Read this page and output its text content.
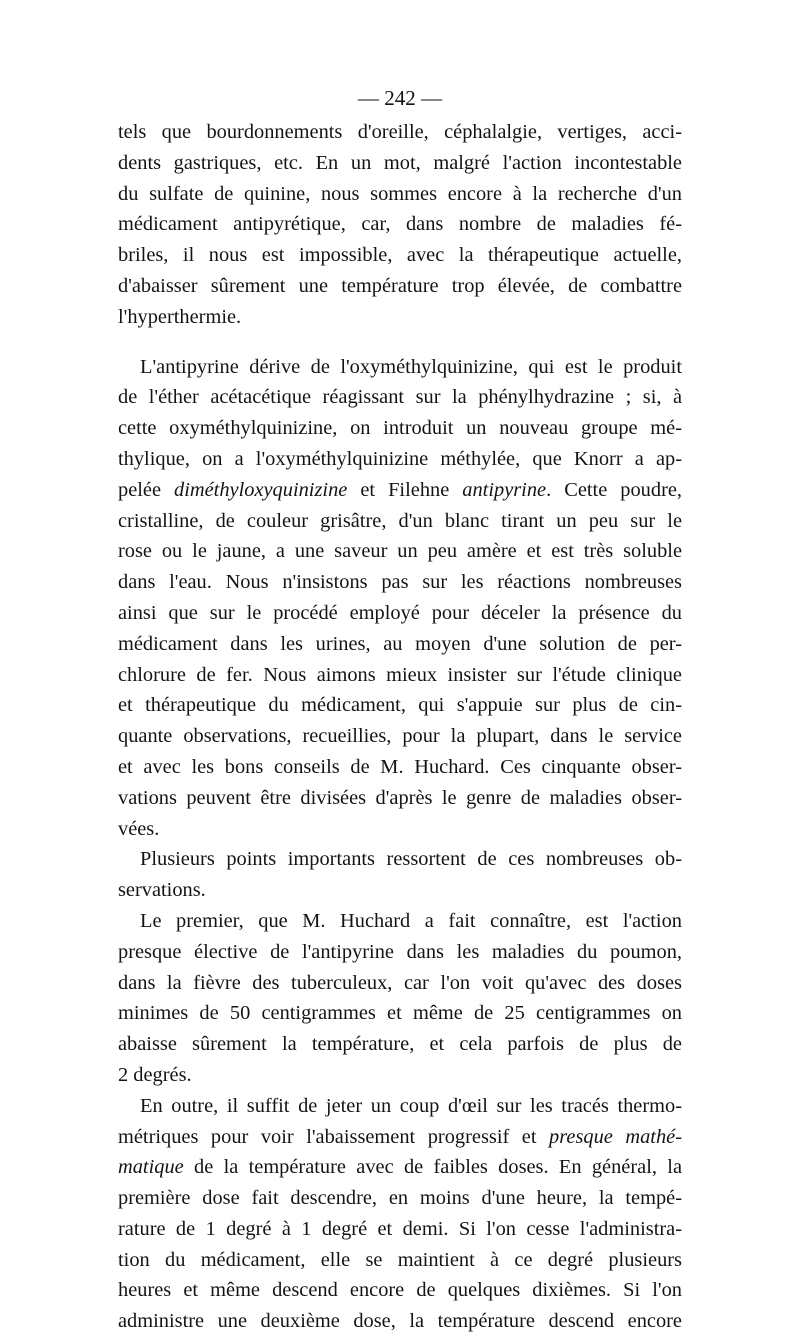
— 242 —

tels que bourdonnements d'oreille, céphalalgie, vertiges, acci-
dents gastriques, etc. En un mot, malgré l'action incontestable
du sulfate de quinine, nous sommes encore à la recherche d'un
médicament antipyrétique, car, dans nombre de maladies fé-
briles, il nous est impossible, avec la thérapeutique actuelle,
d'abaisser sûrement une température trop élevée, de combattre
l'hyperthermie.

L'antipyrine dérive de l'oxyméthylquinizine, qui est le produit
de l'éther acétacétique réagissant sur la phénylhydrazine ; si, à
cette oxyméthylquinizine, on introduit un nouveau groupe mé-
thylique, on a l'oxyméthylquinizine méthylée, que Knorr a ap-
pelée diméthyloxyquinizine et Filehne antipyrine. Cette poudre,
cristalline, de couleur grisâtre, d'un blanc tirant un peu sur le
rose ou le jaune, a une saveur un peu amère et est très soluble
dans l'eau. Nous n'insistons pas sur les réactions nombreuses
ainsi que sur le procédé employé pour déceler la présence du
médicament dans les urines, au moyen d'une solution de per-
chlorure de fer. Nous aimons mieux insister sur l'étude clinique
et thérapeutique du médicament, qui s'appuie sur plus de cin-
quante observations, recueillies, pour la plupart, dans le service
et avec les bons conseils de M. Huchard. Ces cinquante obser-
vations peuvent être divisées d'après le genre de maladies obser-
vées.

Plusieurs points importants ressortent de ces nombreuses ob-
servations.

Le premier, que M. Huchard a fait connaître, est l'action
presque élective de l'antipyrine dans les maladies du poumon,
dans la fièvre des tuberculeux, car l'on voit qu'avec des doses
minimes de 50 centigrammes et même de 25 centigrammes on
abaisse sûrement la température, et cela parfois de plus de
2 degrés.

En outre, il suffit de jeter un coup d'œil sur les tracés thermo-
métriques pour voir l'abaissement progressif et presque mathé-
matique de la température avec de faibles doses. En général, la
première dose fait descendre, en moins d'une heure, la tempé-
rature de 1 degré à 1 degré et demi. Si l'on cesse l'administra-
tion du médicament, elle se maintient à ce degré plusieurs
heures et même descend encore de quelques dixièmes. Si l'on
administre une deuxième dose, la température descend encore
